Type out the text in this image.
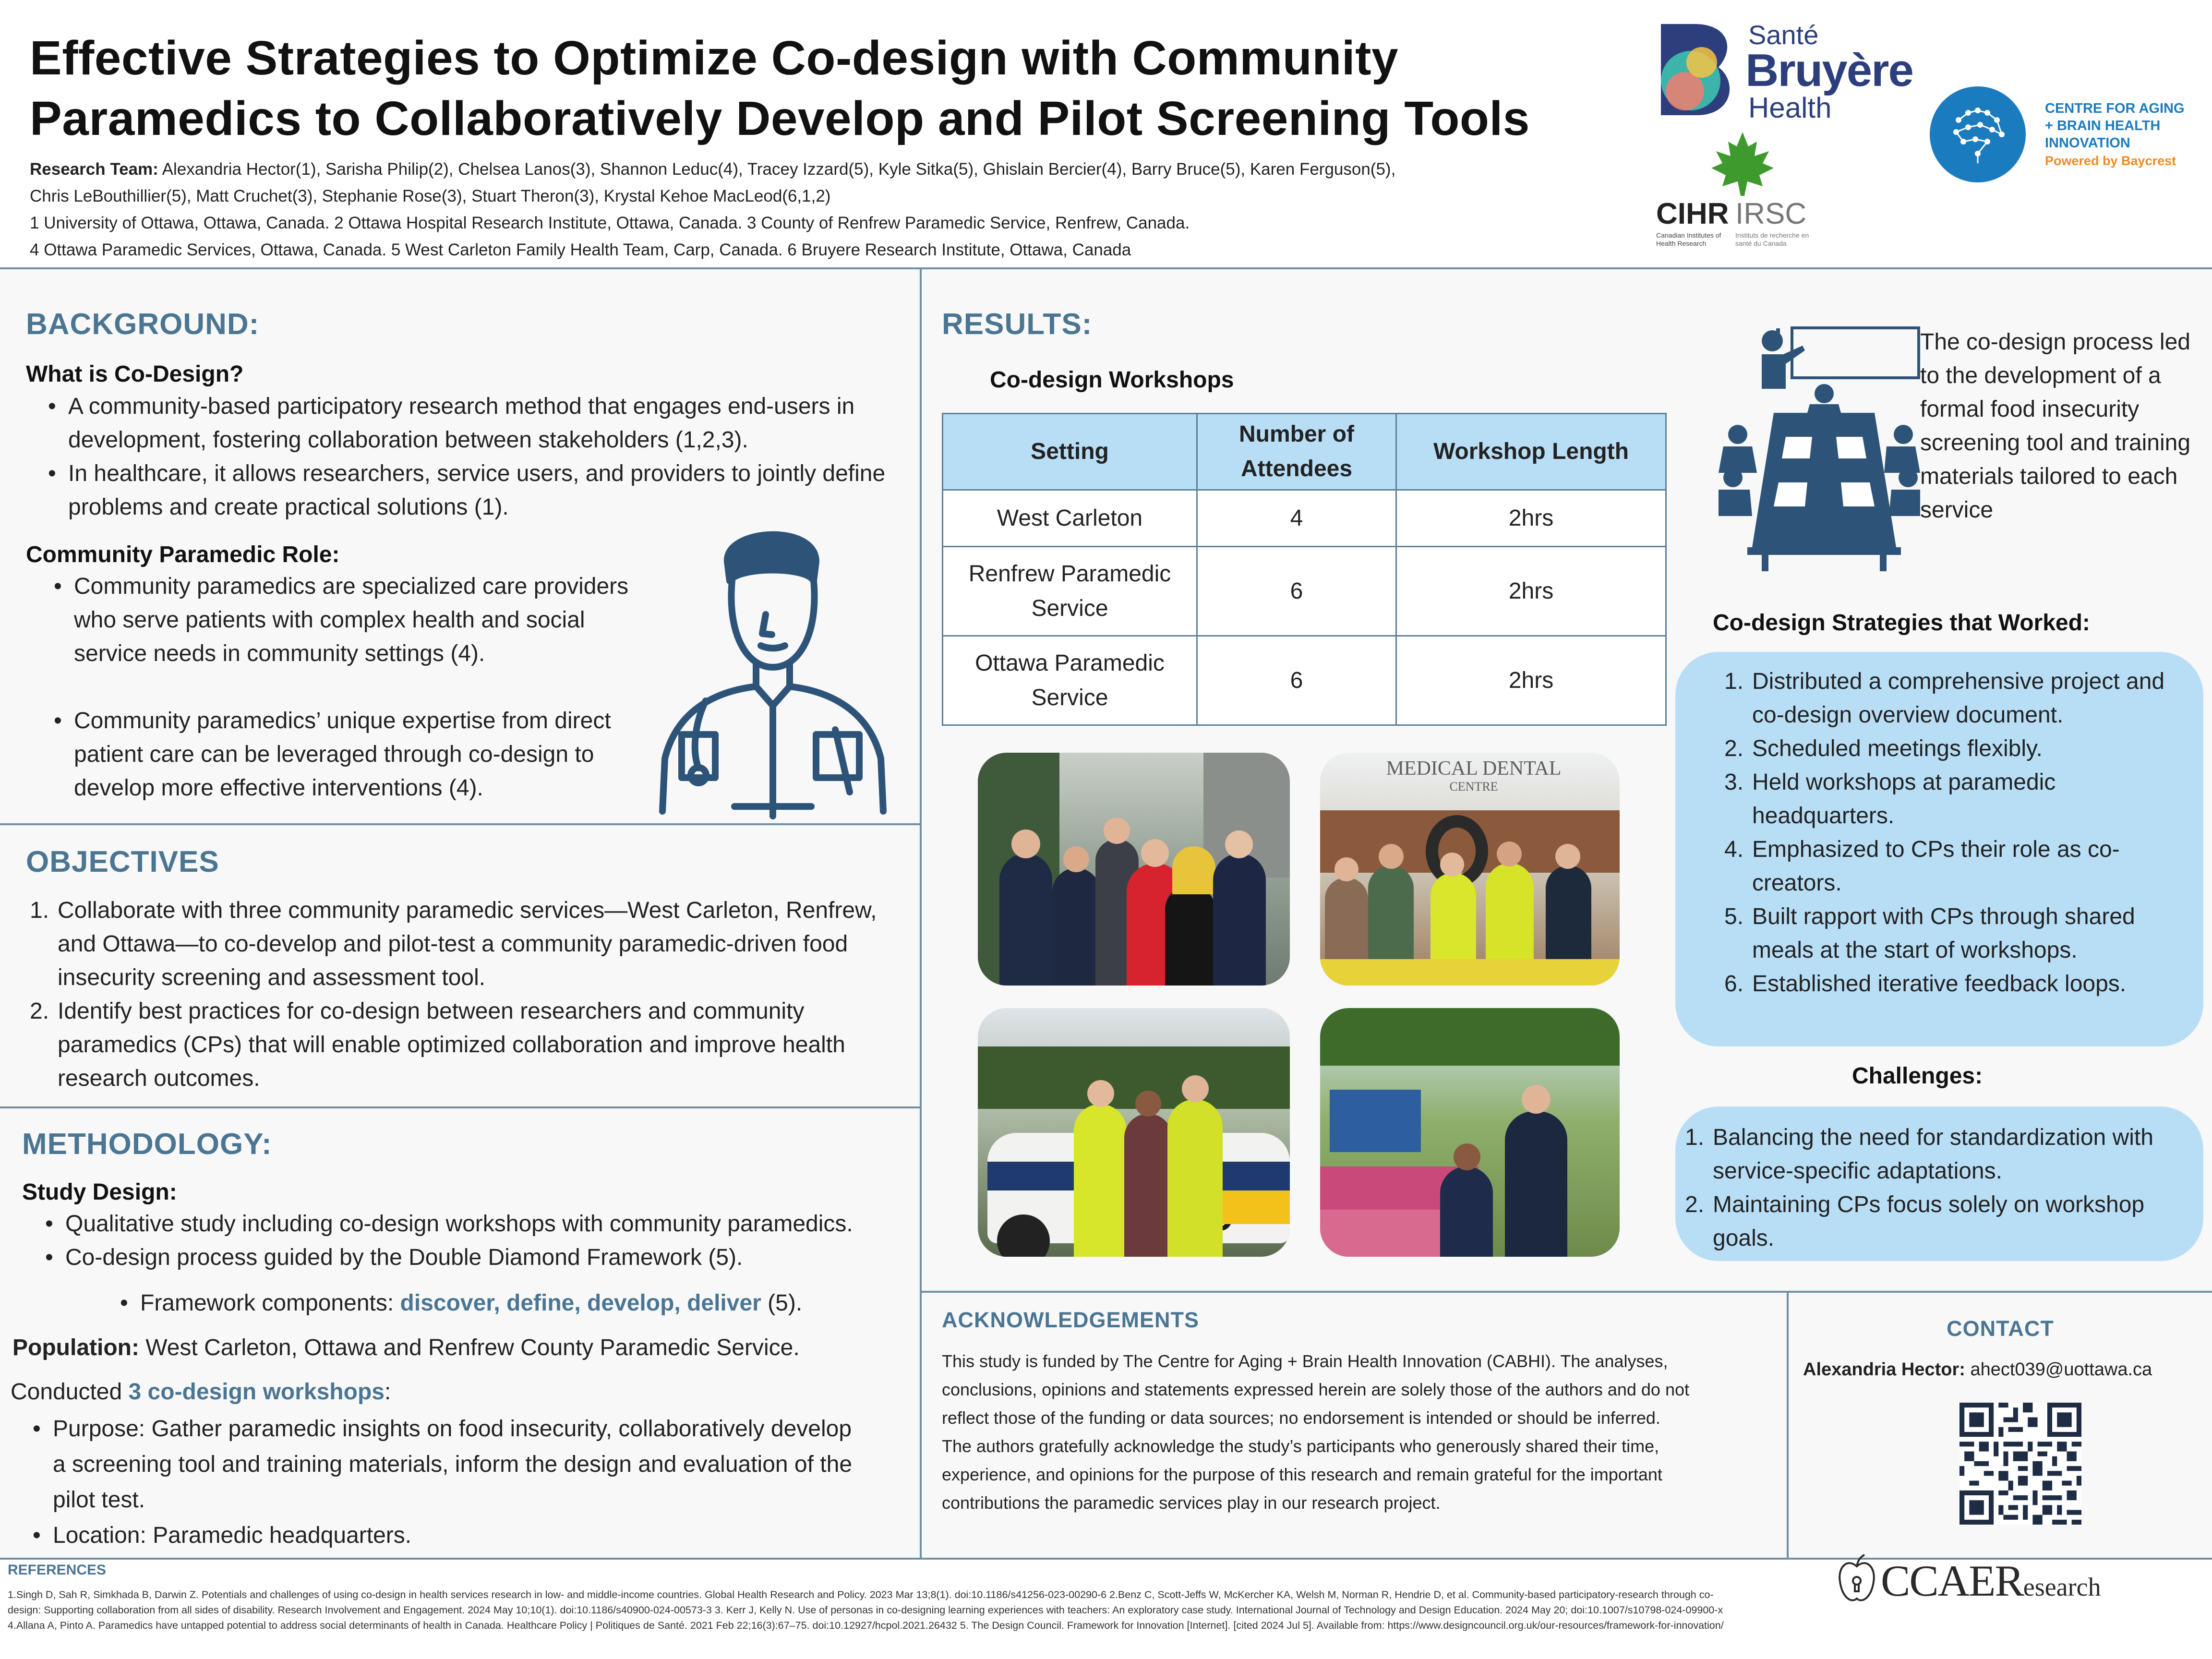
Effective Strategies to Optimize Co-design with Community
Paramedics to Collaboratively Develop and Pilot Screening Tools
Research Team: Alexandria Hector(1), Sarisha Philip(2), Chelsea Lanos(3), Shannon Leduc(4), Tracey Izzard(5), Kyle Sitka(5), Ghislain Bercier(4), Barry Bruce(5), Karen Ferguson(5),
Chris LeBouthillier(5), Matt Cruchet(3), Stephanie Rose(3), Stuart Theron(3), Krystal Kehoe MacLeod(6,1,2)
1 University of Ottawa, Ottawa, Canada. 2 Ottawa Hospital Research Institute, Ottawa, Canada. 3 County of Renfrew Paramedic Service, Renfrew, Canada.
4 Ottawa Paramedic Services, Ottawa, Canada. 5 West Carleton Family Health Team, Carp, Canada. 6 Bruyere Research Institute, Ottawa, Canada
Santé
Bruyère
Health
CIHR IRSC
Canadian Institutes of Health Research
Instituts de recherche en santé du Canada
CENTRE FOR AGING
+ BRAIN HEALTH
INNOVATION
Powered by Baycrest
BACKGROUND:
What is Co-Design?
• A community-based participatory research method that engages end-users in development, fostering collaboration between stakeholders (1,2,3).
• In healthcare, it allows researchers, service users, and providers to jointly define problems and create practical solutions (1).
Community Paramedic Role:
• Community paramedics are specialized care providers who serve patients with complex health and social service needs in community settings (4).
• Community paramedics’ unique expertise from direct patient care can be leveraged through co-design to develop more effective interventions (4).
OBJECTIVES
1. Collaborate with three community paramedic services—West Carleton, Renfrew, and Ottawa—to co-develop and pilot-test a community paramedic-driven food insecurity screening and assessment tool.
2. Identify best practices for co-design between researchers and community paramedics (CPs) that will enable optimized collaboration and improve health research outcomes.
METHODOLOGY:
Study Design:
• Qualitative study including co-design workshops with community paramedics.
• Co-design process guided by the Double Diamond Framework (5).
• Framework components: discover, define, develop, deliver (5).
Population: West Carleton, Ottawa and Renfrew County Paramedic Service.
Conducted 3 co-design workshops:
• Purpose: Gather paramedic insights on food insecurity, collaboratively develop a screening tool and training materials, inform the design and evaluation of the pilot test.
• Location: Paramedic headquarters.
RESULTS:
Co-design Workshops
Setting	Number of Attendees	Workshop Length
West Carleton	4	2hrs
Renfrew Paramedic Service	6	2hrs
Ottawa Paramedic Service	6	2hrs
The co-design process led to the development of a formal food insecurity screening tool and training materials tailored to each service
Co-design Strategies that Worked:
1. Distributed a comprehensive project and co-design overview document.
2. Scheduled meetings flexibly.
3. Held workshops at paramedic headquarters.
4. Emphasized to CPs their role as co-creators.
5. Built rapport with CPs through shared meals at the start of workshops.
6. Established iterative feedback loops.
Challenges:
1. Balancing the need for standardization with service-specific adaptations.
2. Maintaining CPs focus solely on workshop goals.
MEDICAL DENTAL
CENTRE
ACKNOWLEDGEMENTS
This study is funded by The Centre for Aging + Brain Health Innovation (CABHI). The analyses, conclusions, opinions and statements expressed herein are solely those of the authors and do not reflect those of the funding or data sources; no endorsement is intended or should be inferred.
The authors gratefully acknowledge the study’s participants who generously shared their time, experience, and opinions for the purpose of this research and remain grateful for the important contributions the paramedic services play in our research project.
CONTACT
Alexandria Hector: ahect039@uottawa.ca
CCAEResearch
REFERENCES
1.Singh D, Sah R, Simkhada B, Darwin Z. Potentials and challenges of using co-design in health services research in low- and middle-income countries. Global Health Research and Policy. 2023 Mar 13;8(1). doi:10.1186/s41256-023-00290-6 2.Benz C, Scott-Jeffs W, McKercher KA, Welsh M, Norman R, Hendrie D, et al. Community-based participatory-research through co-design: Supporting collaboration from all sides of disability. Research Involvement and Engagement. 2024 May 10;10(1). doi:10.1186/s40900-024-00573-3 3. Kerr J, Kelly N. Use of personas in co-designing learning experiences with teachers: An exploratory case study. International Journal of Technology and Design Education. 2024 May 20; doi:10.1007/s10798-024-09900-x 4.Allana A, Pinto A. Paramedics have untapped potential to address social determinants of health in Canada. Healthcare Policy | Politiques de Santé. 2021 Feb 22;16(3):67–75. doi:10.12927/hcpol.2021.26432 5. The Design Council. Framework for Innovation [Internet]. [cited 2024 Jul 5]. Available from: https://www.designcouncil.org.uk/our-resources/framework-for-innovation/
